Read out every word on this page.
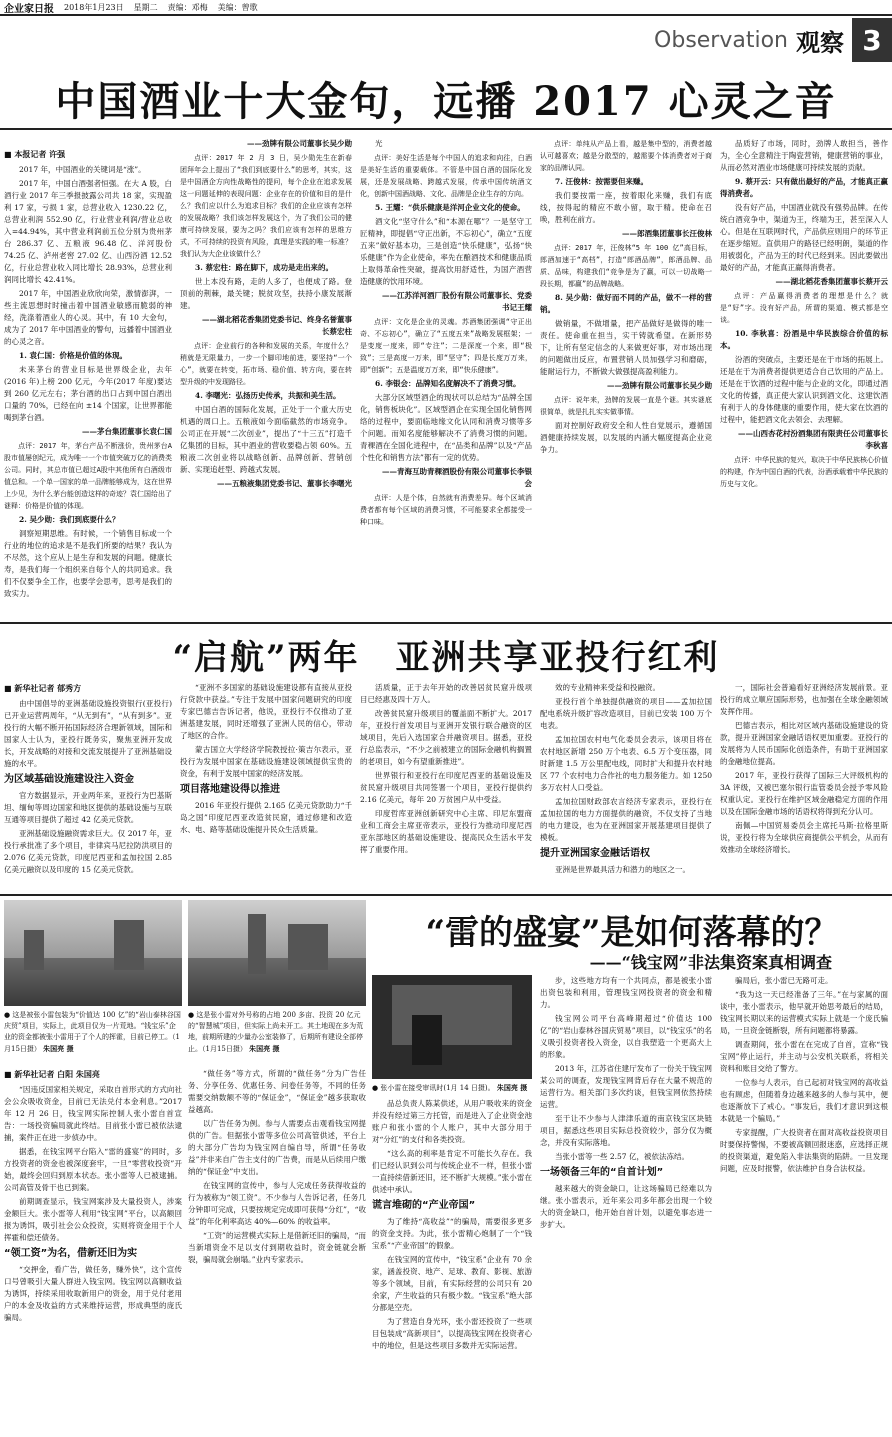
企业家日报 2018年1月23日 星期二 责编：邓梅 美编：曾歌
Observation 观察 3
中国酒业十大金句，远播 2017 心灵之音
■ 本报记者 许强

2017 年，中国酒业的关键词是“涨”。

2017 年，中国白酒强者恒强。在大 A 股，白酒行业 2017 年三季报披露公司共 18 家，实现盈利 17 家，亏损 1 家，总营业收入 1230.22 亿，总营业利润 552.90 亿，行业营业利润/营业总收入=44.94%，其中营业利润前五位分别为贵州茅台 286.37 亿、五粮液 96.48 亿、洋河股份 74.25 亿、泸州老窖 27.02 亿、山西汾酒 12.52 亿，行业总营业收入同比增长 28.93%，总营业利润同比增长 42.41%。

2017 年，中国酒业欣欣向荣，激情澎湃，一些主流思想时时撞击着中国酒业敏感而脆弱的神经，洗涤着酒业人的心灵。其中，有 10 大金句，成为了 2017 年中国酒业的警句，远播着中国酒业的心灵之音。

1. 袁仁国：价格是价值的体现。

未来茅台的营业目标是世界级企业，去年(2016 年)上榜 200 亿元，今年(2017 年度)要达到 260 亿元左右；茅台酒的出口占到中国白酒出口量的 70%，已经在向 ±14 个国家，让世界都能喝到茅台酒。

——茅台集团董事长袁仁国

点评：2017 年，茅台产品不断涨价，贵州茅台A股市值屡创纪元，成为唯一一个市值突破万亿的消费类公司。同时，其总市值已超过A股中其他所有白酒级市值总和。一个单一国家的单一品牌能够成为，这在世界上少见，为什么茅台能创造这样的奇迹？袁仁国给出了谜释：价格是价值的体现。

2. 吴少勋：我们到底要什么？

洞察短期思维。有时候，一个销售目标或一个行业的地位的追求是不是我们所要的结果？我认为不尽然，这个应从上是生存和发展的问题。健康长寿，是我们每一个组织来自每个人的共同追求。我们不仅要争全工作，也要学会思考，思考是我们的致实力。

——劲牌有限公司董事长吴少勋

点评：2017 年 2 月 3 日，吴少勋先生在新春团拜年会上提出了“我们到底要什么”的思考，其实，这是中国酒企方向性战略性的提问，每个企业在追求发展这一问题延伸的表现问题：企业存在的价值和目的是什么？我们应以什么为追求目标？我们的企业应该有怎样的发展战略？我们该怎样发展这个，为了我们公司的健康可持续发展，要为之吗？我们应该有怎样的思维方式，不可持续的投资有风险，真理是实践的唯一标准？我们认为大企业该做什么？

3. 蔡宏柱：路在脚下，成功是走出来的。

世上本没有路，走的人多了，也便成了路。登顶前的荆棘，最关键；脱贫攻坚，扶持小康发展渐建。

——湖北稻花香集团党委书记、终身名誉董事长蔡宏柱

点评：企业前行的各种和发展的关系，年度什么？稍就是无限量力，一步一个脚印地前进，要坚持“一个心”，就要在转变，拓市场、稳价值、转方向，要在转型升级的中发现路径。

4. 李曙光：弘扬历史传承，共振和美生活。

中国白酒的国际化发展，正处于一个重大历史机遇的周口上。五粮液如今面临截然的市场竞争。公司正在开展“二次创业”，提出了“十三五”打造千亿集团的目标，其中酒业的营收要稳占领 60%。五粮液二次创业将以战略创新、品牌创新、营销创新、实现追赶型、跨越式发展。

——五粮液集团党委书记、董事长李曙光

光

点评：美好生活是每个中国人的追求和向往，白酒是美好生活的重要载体。不管是中国白酒的国际化发展，还是发展战略、跨越式发展，传承中国传统酒文化，创新中国酒战略、文化、品牌是企业生存的方向。

5. 王耀：“供乐健康是洋河企业文化的使命。

酒文化“坚守什么”和“本源在哪”？一是坚守工匠精神，即提倡“守正出新，不忘初心”，确立“五度五来”做好基本功，三是创造“快乐健康”，弘扬“快乐健康”作为企业使命，率先在酿酒技术和健康品质上取得革命性突破，提高饮用舒适性，为国产酒营造健康的饮用环境。

——江苏洋河酒厂股份有限公司董事长、党委书记王耀

点评：文化是企业的灵魂。苏酒集团强调“守正出奇、不忘初心”，确立了“五度五来”战略发展框架；一是变度一度来，即“专注”；二是深度一个来，即“极致”；三是高度一万来，即“坚守”；四是长度万万来，即“创新”；五是温度万万来，即“快乐健康”。

6. 李银会：品牌知名度解决不了消费习惯。

大部分区域型酒企的现状可以总结为“品牌全国化，销售板块化”。区域型酒企在实现全国化销售网络的过程中，要面临地缘文化认同和消费习惯等多个问题。而知名度能够解决不了消费习惯的问题。青稞酒在全国化进程中，在“品类和品牌”以及“产品个性化和销售方法”都有一定的优势。

——青海互助青稞酒股份有限公司董事长李银会

点评：人是个体，自然就有消费差异。每个区域消费者都有每个区域的消费习惯，不可能要求全都接受一种口味。

点评：单纯从产品上看，越是集中型的，消费者越认可越喜欢；越是分散型的，越需要个体消费者对于商家的品牌认同。

7. 汪俊林：按需要但来赚。

我们要按需一座，按着眼化来赚，我们有底线，按得起的精应不敢小留，取于精。使命在召唤，胜利在前方。

——郎酒集团董事长汪俊林

点评：2017 年，汪俊林“5 年 100 亿”高目标，郎酒加速于“高档”，打造“郎酒品牌”，郎酒品牌、品质、品味，构建我们“竞争是为了赢，可以一切战略一段长期，都赢”的品牌战略。

8. 吴少勋：做好而不同的产品，做不一样的营销。

做销量，不做增量，把产品做好是做得的唯一责任。使命重在担当，实干铸就希望。在新形势下，让所有坚定信念的人来做更好事，对市场出现的问题做出反应，布置营销人员加强学习和磨砺，能耐运行力，不断做大做强提高盈利能力。

——劲牌有限公司董事长吴少勋

点评：说年来，劲牌的发展一直是个谜。其实谜底很简单，就是扎扎实实做事情。

面对控制好政府安全和人性自觉展示，遵循国酒健康持续发展，以发展的内涵大幅度提高企业竞争力。

品质好了市场，同时，劲牌人敢担当，善作为，全心全意精注于陶瓷营销，健康营销的事业，从而必然对酒业市场健康可持续发展的贡献。

9. 蔡开云：只有做出最好的产品，才能真正赢得消费者。

没有好产品，中国酒业就没有强势品牌。在传统白酒竞争中，渠道为王，终端为王，甚至深入人心。但是在互联网时代，产品供应则用户的环节正在逐步缩短。直供用户的路径已经明朗，渠道的作用被弱化，产品为王的时代已经到来。因此要做出最好的产品，才能真正赢得消费者。

——湖北稻花香集团董事长蔡开云

点评：产品赢得消费者的理想是什么？就是“好”字。没有好产品，所谓的渠道、模式都是空谈。

10. 李秋喜：汾酒是中华民族综合价值的标本。

汾酒的突破点，主要还是在于市场的拓展上。还是在于为消费者提供更适合自己饮用的产品上。还是在于饮酒的过程中能与企业的文化，即通过酒文化的传播，真正使大家认识到酒文化、这建饮酒有利于人的身体健康的重要作用，使大家在饮酒的过程中，能把酒文化去领会、去理解。

——山西杏花村汾酒集团有限责任公司董事长李秋喜

点评：中华民族的复兴，取决于中华民族核心价值的构建，作为中国白酒的代表，汾酒承载着中华民族的历史与文化。

“启航”两年　亚洲共享亚投行红利
■ 新华社记者 郁秀方

由中国倡导的亚洲基础设施投资银行(亚投行)已开业运营两周年，“从无到有”，“从有到多”。亚投行的大幅不断开拓国际经济合理新领域，国际和国家人士认为，亚投行既务实，聚焦亚洲开发成长，开发战略的对接和交流发展提升了亚洲基础设施的水平。

为区域基础设施建设注入资金

官方数据显示，开业两年来，亚投行为巴基斯坦、缅甸等周边国家和地区提供的基础设施与互联互通等项目提供了超过 42 亿美元贷款。

亚洲基础设施融资需求巨大。仅 2017 年，亚投行承批准了多个项目，非律宾马尼拉防洪项目的 2.076 亿美元贷款，印度尼西亚和孟加拉国 2.85 亿美元融资以及印度的 15 亿美元贷款。

“亚洲不多国家的基础设施建设都有直接从亚投行贷款中获益。”专注于发展中国家问题研究的印度专家巴德吉告诉记者，他说，亚投行不仅推动了亚洲基建发展，同时还增强了亚洲人民的信心，带动了地区的合作。

蒙古国立大学经济学院教授拉·策吉尔表示，亚投行为发展中国家在基础设施建设领域提供宝贵的资金，有利于发展中国家的经济发展。

项目落地建设得以推进

2016 年亚投行提供 2.165 亿美元贷款助力“千岛之国”印度尼西亚改造贫民窟，通过修建和改造水、电、路等基础设施提升民众生活质量。

活质量，正于去年开始的改善居贫民窟升级项目已经惠及四十万人。

改善贫民窟升级项目的覆盖面不断扩大。2017 年，亚投行首发项目与亚洲开发银行联合融资的区域项目，先后入选国家合并融资项目。据悉，亚投行总监表示，“不少之前被建立的国际金融机构搁置的老项目，如今有望重新推进”。

世界银行和亚投行在印度尼西亚的基础设施及贫民窟升级项目共同签署一个项目，亚投行提供约 2.16 亿美元，每年 20 万贫困户从中受益。

印度哲库亚洲创新研究中心主席、印尼东盟商业和工商会主席亚帝表示，亚投行为推动印度尼西亚东部地区的基础设施建设、提高民众生活水平发挥了重要作用。

效的专业精神来受益和投融资。

亚投行首个单独提供融资的项目——孟加拉国配电系统升级扩容改造项目，目前已安装 100 万个电表。

孟加拉国农村电气化委员会表示，该项目将在农村地区新增 250 万个电表、6.5 万个变压器，同时新建 1.5 万公里配电线，同时扩大和提升农村地区 77 个农村电力合作社的电力服务能力。如 1250 多万农村人口受益。

孟加拉国财政部农言经济专家表示，亚投行在孟加拉国的电力方面提供的融资，不仅支持了当地的电力建设，也为在亚洲国家开展基建项目提供了模板。

提升亚洲国家金融话语权

亚洲是世界最具活力和潜力的地区之一。

一，国际社会普遍看好亚洲经济发展前景。亚投行的成立顺应国际形势，也加强在全球金融领域发挥作用。

巴德吉表示，相比对区域内基础设施建设的贷款，提升亚洲国家金融话语权更加重要。亚投行的发展将为人民币国际化创造条件，有助于亚洲国家的金融地位提高。

2017 年，亚投行获得了国际三大评级机构的 3A 评级，又被巴塞尔银行监管委员会授予零风险权重认定。亚投行在维护区域金融稳定方面的作用以及在国际金融市场的话语权将得到充分认可。

南佩—中国贸易委员会主席托马斯·拉格里斯说，亚投行将为全球供应商提供公平机会，从而有效推动全球经济增长。

● 这是被张小雷包装为“价值达 100 亿”的“岩山泰林谷国庆贸”项目，实际上，此项目仅为一片荒地。“钱宝乐”企业的资金都被张小雷用于了个人的挥霍，目前已停工。（1月15日摄） 朱国亮 摄
● 这是张小雷对外号称的占地 200 多亩、投资 20 亿元的“智慧城”项目，但实际上尚未开工。其土地现在多为荒地，前期所建的少量办公室装修了，后期所有建设全部停止。（1月15日摄） 朱国亮 摄
● 张小雷在接受审讯时(1月 14 日摄)。 朱国亮 摄
“雷的盛宴”是如何落幕的？
——“钱宝网”非法集资案真相调查
■ 新华社记者 白阳 朱国亮

“因违反国家相关规定，采取自首形式的方式向社会公众吸收资金，目前已无法兑付本金利息。”2017 年 12 月 26 日，钱宝网实际控制人张小雷自首宣告：一场投资骗局就此终结。目前张小雷已被依法逮捕，案件正在进一步侦办中。

据悉，在钱宝网平台陷入“雷的盛宴”的同时，多方投资者的资金也被深度套牢，一旦“零营收投资”开始，最终会回归到原本状态。张小雷等人已被逮捕。公司高管及骨干也已到案。

前期调查显示，钱宝网案涉及大量投资人，涉案金额巨大。张小雷等人利用“钱宝网”平台，以高额回报为诱饵，吸引社会公众投资，实则将资金用于个人挥霍和偿还债务。

“领工资”为名，借新还旧为实

“交押金，看广告，做任务，赚外快”，这个宣传口号曾吸引大量人群进入钱宝网。钱宝网以高额收益为诱饵，持续采用收取新用户的资金，用于兑付老用户的本金及收益的方式来维持运营，形成典型的庞氏骗局。

“做任务”等方式，所谓的“做任务”分为广告任务、分享任务、优惠任务、问卷任务等，不同的任务需要交纳数额不等的“保证金”，“保证金”越多获取收益越高。

以广告任务为例。参与人需要点击观看钱宝网提供的广告。但据张小雷等多位公司高管供述，平台上的大部分广告均为钱宝网自编自导，所谓“任务收益”并非来自广告主支付的广告费，而是从后续用户缴纳的“保证金”中支出。

在钱宝网的宣传中，参与人完成任务获得收益的行为被称为“领工资”。不少参与人告诉记者，任务几分钟即可完成，只要按规定完成即可获得“分红”，“收益”的年化利率高达 40%—60% 的收益率。

“工资”的运营模式实际上是借新还旧的骗局，“而当新增资金不足以支付到期收益时，资金链就会断裂，骗局就会崩塌。”业内专家表示。

品总负责人陈某供述，从用户吸收来的资金并没有经过第三方托管，而是进入了企业资金池账户和张小雷的个人账户，其中大部分用于对“分红”的支付和各类投资。

“这么高的利率是肯定不可能长久存在。我们已经认识到公司与传统企业不一样，但张小雷一直持续借新还旧，还不断扩大规模。”张小雷在供述中承认。

谎言堆砌的“产业帝国”

为了维持“高收益”“的骗局，需要很多更多的资金支持。为此，张小雷精心炮制了一个“钱宝系”“产业帝国”的假象。

在钱宝网的宣传中，“钱宝系”企业有 70 余家，涵盖投资、地产、足球、教育、影视、旅游等多个领域，目前，有实际经营的公司只有 20 余家，产生收益的只有极少数。“钱宝系”绝大部分都是空壳。

为了营造自身光环，张小雷还投资了一些项目包装成“高新项目”，以提高钱宝网在投资者心中的地位，但是这些项目多数并无实际运营。

步，这些地方均有一个共同点，都是被张小雷出资包装和利用，管理钱宝网投资者的资金和精力。

钱宝网公司平台高峰期超过“价值达 100 亿”的“岩山泰林谷国庆贸易”项目，以“钱宝乐”的名义吸引投资者投入资金，以自我塑造一个更高大上的形象。

2013 年，江苏省住建厅发布了一份关于钱宝网某公司的调查，发现钱宝网背后存在大量不规范的运营行为。相关部门多次约谈，但钱宝网依然持续运营。

至于让不少参与人津津乐道的南京钱宝区块链项目，据悉这些项目实际总投资较少，部分仅为概念，并没有实际落地。

当张小雷等一些 2.57 亿，被依法冻结。

一场领备三年的“自首计划”

越来越大的资金缺口，让这场骗局已经难以为继。张小雷表示，近年来公司多年都会出现一个较大的资金缺口，他开始自首计划，以避免事态进一步扩大。

骗局后，张小雷已无路可走。

“我为这一天已经准备了三年。”在与家属的面谈中，张小雷表示，他早就开始思考最后的结局，钱宝网长期以来的运营模式实际上就是一个庞氏骗局，一旦资金链断裂，所有问题都将暴露。

调查期间，张小雷在在完成了自首，宣称“钱宝网”停止运行，并主动与公安机关联系，将相关资料和账目交给了警方。

一位参与人表示，自己起初对钱宝网的高收益也有顾虑，但随着身边越来越多的人参与其中，便也逐渐放下了戒心。“事发后，我们才意识到这根本就是一个骗局。”

专家提醒，广大投资者在面对高收益投资项目时要保持警惕，不要被高额回报迷惑，应选择正规的投资渠道，避免陷入非法集资的陷阱。一旦发现问题，应及时报警，依法维护自身合法权益。
